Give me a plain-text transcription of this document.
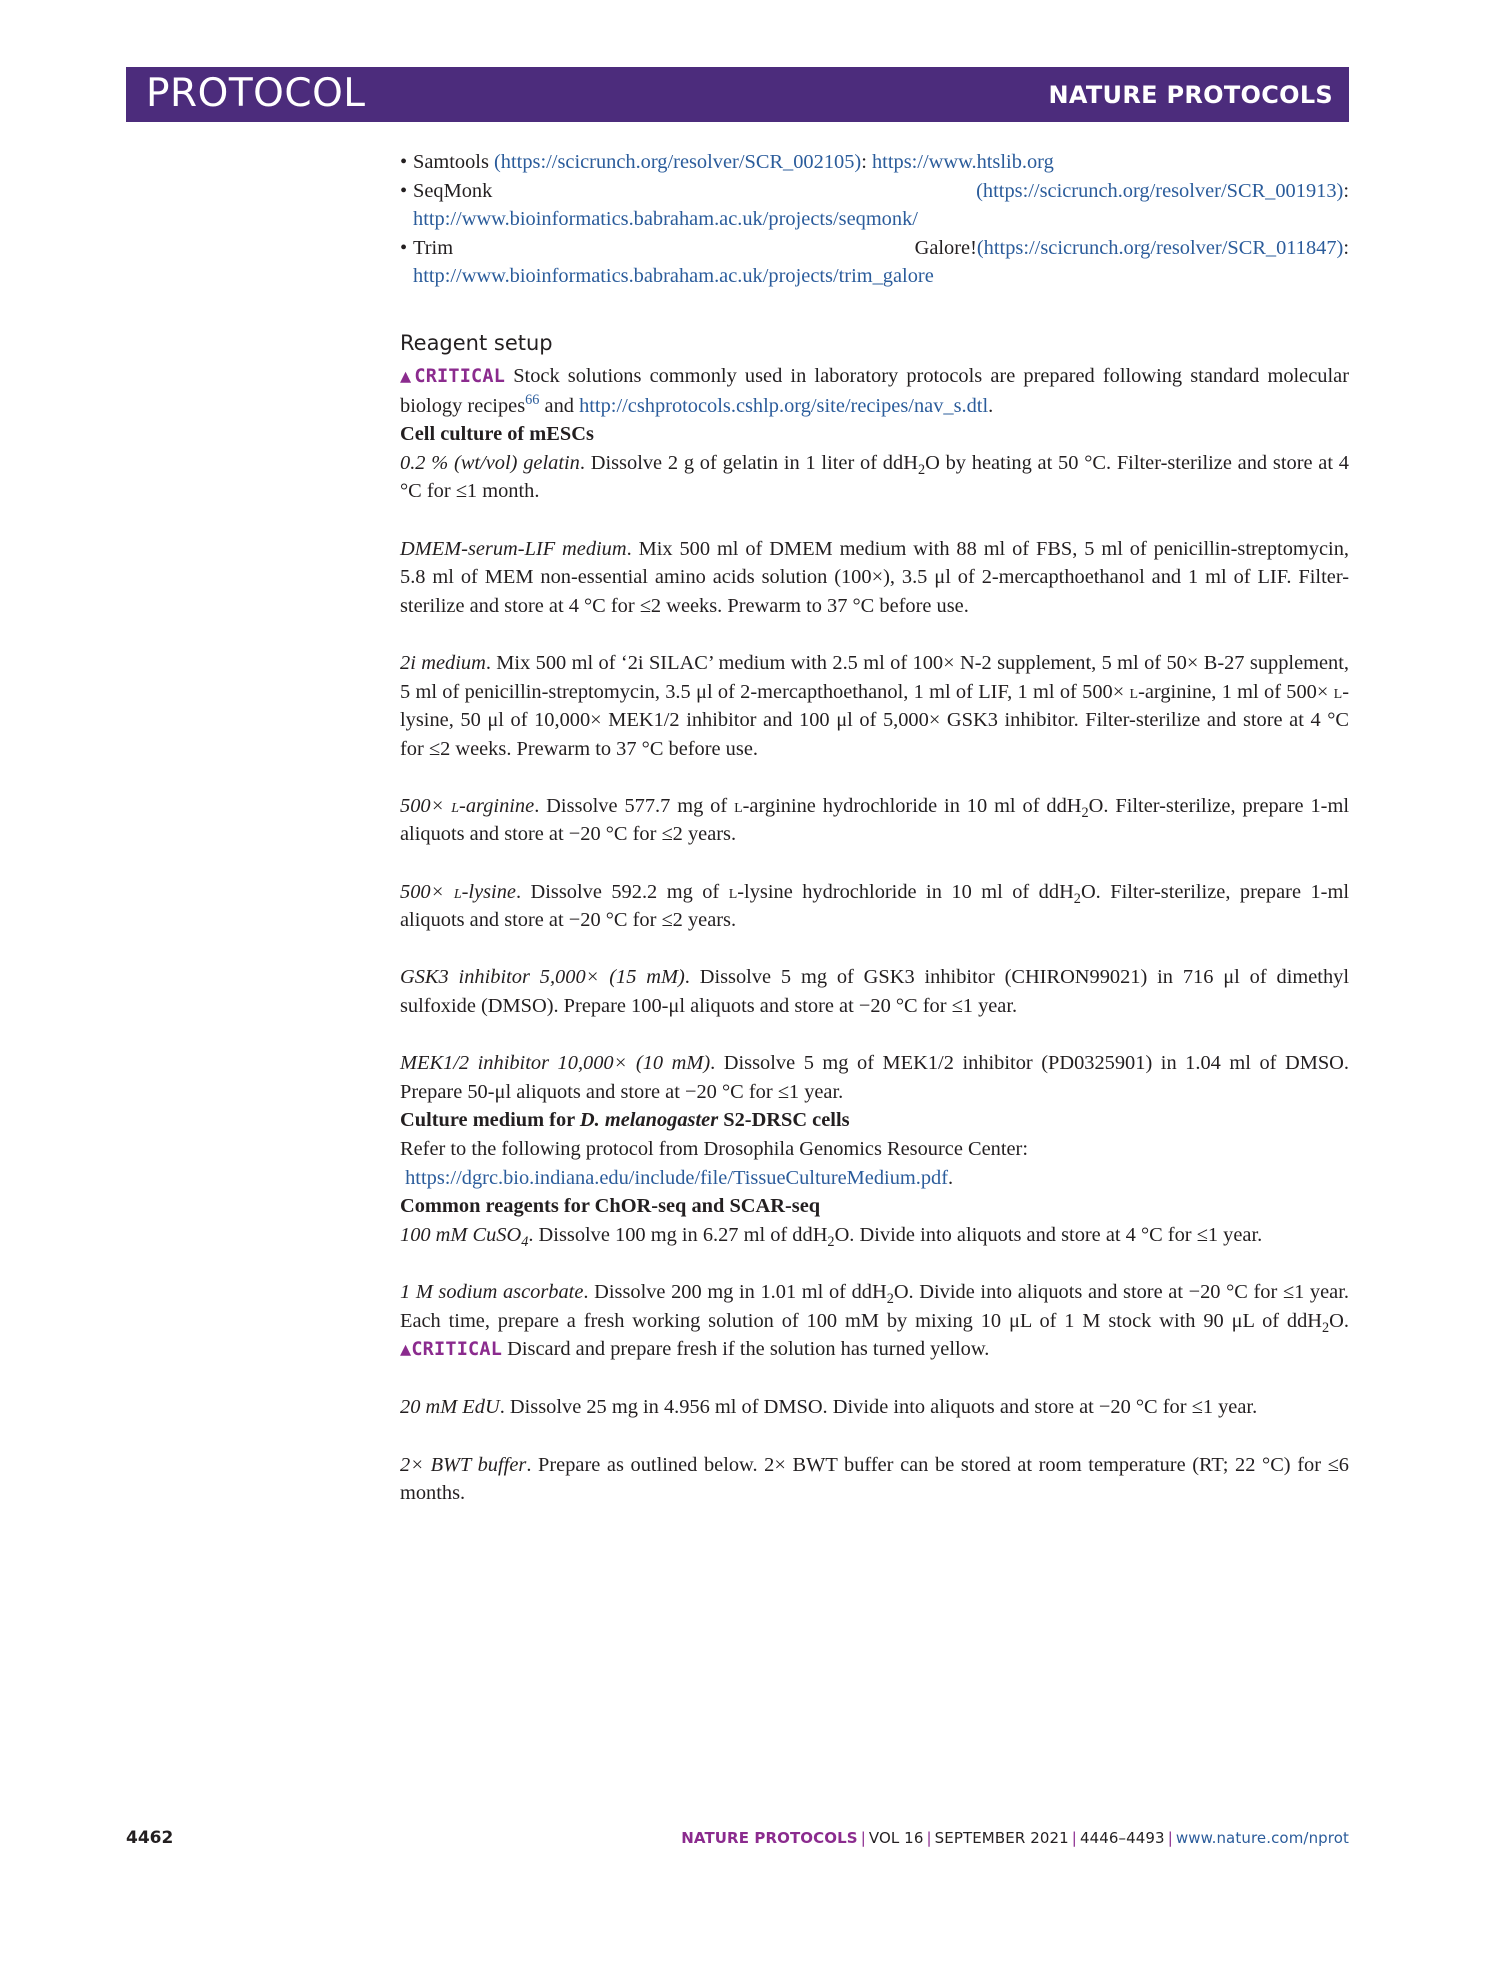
PROTOCOL	NATURE PROTOCOLS
• Samtools (https://scicrunch.org/resolver/SCR_002105): https://www.htslib.org
• SeqMonk (https://scicrunch.org/resolver/SCR_001913): http://www.bioinformatics.babraham.ac.uk/projects/seqmonk/
• Trim Galore!(https://scicrunch.org/resolver/SCR_011847): http://www.bioinformatics.babraham.ac.uk/projects/trim_galore
Reagent setup

▲CRITICAL Stock solutions commonly used in laboratory protocols are prepared following standard molecular biology recipes$^{66}$ and http://cshprotocols.cshlp.org/site/recipes/nav_s.dtl.

Cell culture of mESCs

0.2 % (wt/vol) gelatin. Dissolve 2 g of gelatin in 1 liter of ddH$_2$O by heating at 50 °C. Filter-sterilize and store at 4 °C for ≤1 month.

DMEM-serum-LIF medium. Mix 500 ml of DMEM medium with 88 ml of FBS, 5 ml of penicillin-streptomycin, 5.8 ml of MEM non-essential amino acids solution (100×), 3.5 μl of 2-mercapthoethanol and 1 ml of LIF. Filter-sterilize and store at 4 °C for ≤2 weeks. Prewarm to 37 °C before use.

2i medium. Mix 500 ml of ‘2i SILAC’ medium with 2.5 ml of 100× N-2 supplement, 5 ml of 50× B-27 supplement, 5 ml of penicillin-streptomycin, 3.5 μl of 2-mercapthoethanol, 1 ml of LIF, 1 ml of 500× l-arginine, 1 ml of 500× l-lysine, 50 μl of 10,000× MEK1/2 inhibitor and 100 μl of 5,000× GSK3 inhibitor. Filter-sterilize and store at 4 °C for ≤2 weeks. Prewarm to 37 °C before use.

500× l-arginine. Dissolve 577.7 mg of l-arginine hydrochloride in 10 ml of ddH$_2$O. Filter-sterilize, prepare 1-ml aliquots and store at −20 °C for ≤2 years.

500× l-lysine. Dissolve 592.2 mg of l-lysine hydrochloride in 10 ml of ddH$_2$O. Filter-sterilize, prepare 1-ml aliquots and store at −20 °C for ≤2 years.

GSK3 inhibitor 5,000× (15 mM). Dissolve 5 mg of GSK3 inhibitor (CHIRON99021) in 716 μl of dimethyl sulfoxide (DMSO). Prepare 100-μl aliquots and store at −20 °C for ≤1 year.

MEK1/2 inhibitor 10,000× (10 mM). Dissolve 5 mg of MEK1/2 inhibitor (PD0325901) in 1.04 ml of DMSO. Prepare 50-μl aliquots and store at −20 °C for ≤1 year.

Culture medium for D. melanogaster S2-DRSC cells

Refer to the following protocol from Drosophila Genomics Resource Center:
https://dgrc.bio.indiana.edu/include/file/TissueCultureMedium.pdf.

Common reagents for ChOR-seq and SCAR-seq

100 mM CuSO$_4$. Dissolve 100 mg in 6.27 ml of ddH$_2$O. Divide into aliquots and store at 4 °C for ≤1 year.

1 M sodium ascorbate. Dissolve 200 mg in 1.01 ml of ddH$_2$O. Divide into aliquots and store at −20 °C for ≤1 year. Each time, prepare a fresh working solution of 100 mM by mixing 10 μL of 1 M stock with 90 μL of ddH$_2$O. ▲CRITICAL Discard and prepare fresh if the solution has turned yellow.

20 mM EdU. Dissolve 25 mg in 4.956 ml of DMSO. Divide into aliquots and store at −20 °C for ≤1 year.

2× BWT buffer. Prepare as outlined below. 2× BWT buffer can be stored at room temperature (RT; 22 °C) for ≤6 months.

4462	NATURE PROTOCOLS | VOL 16 | SEPTEMBER 2021 | 4446–4493 | www.nature.com/nprot
